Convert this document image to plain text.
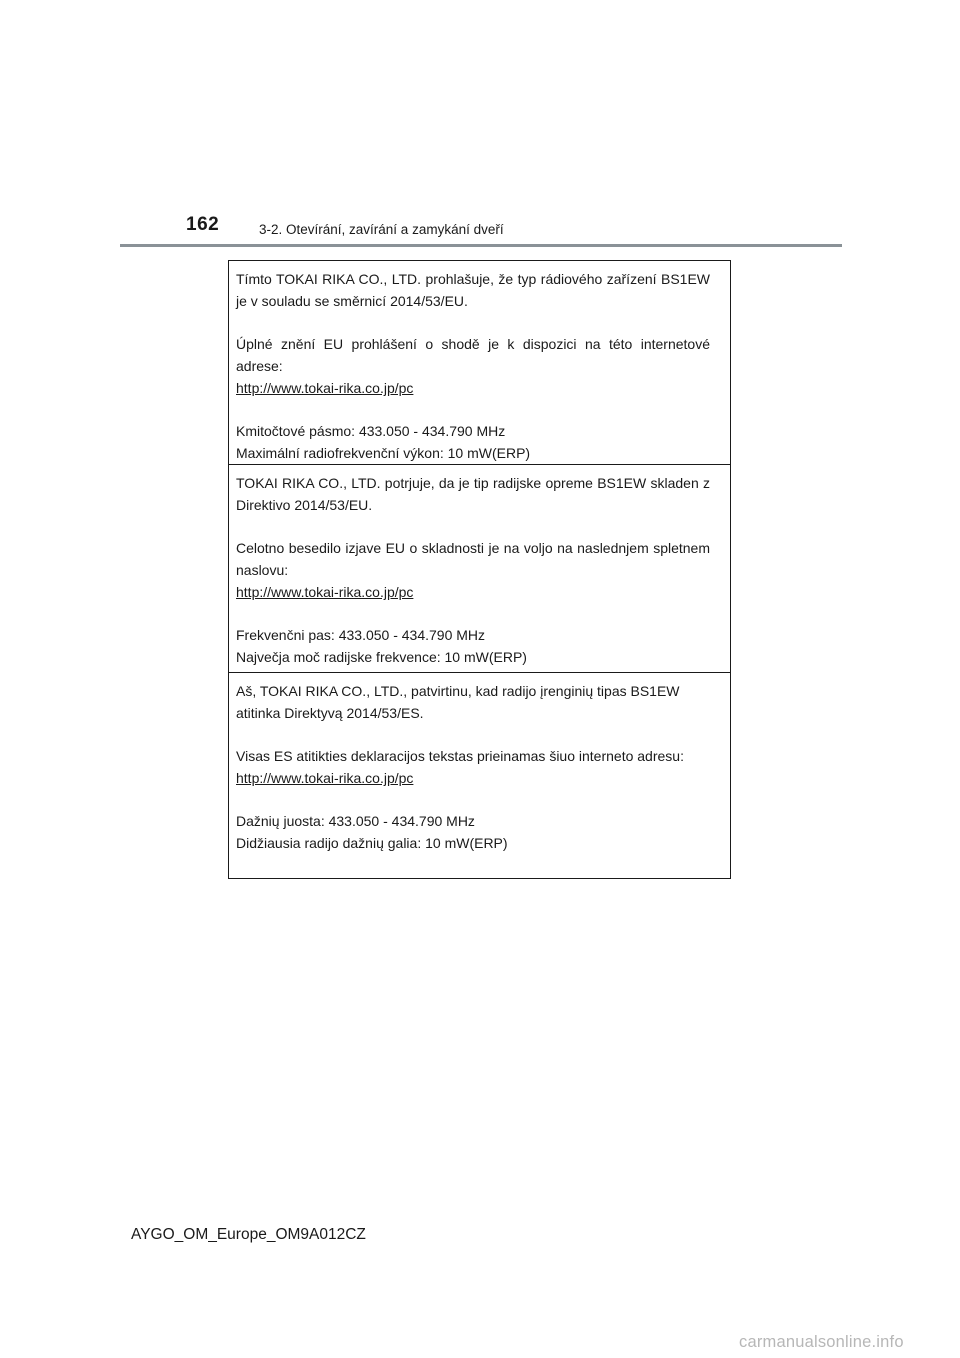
162	3-2. Otevírání, zavírání a zamykání dveří

Tímto TOKAI RIKA CO., LTD. prohlašuje, že typ rádiového zařízení BS1EW je v souladu se směrnicí 2014/53/EU.

Úplné znění EU prohlášení o shodě je k dispozici na této internetové adrese:
http://www.tokai-rika.co.jp/pc

Kmitočtové pásmo: 433.050 - 434.790 MHz
Maximální radiofrekvenční výkon: 10 mW(ERP)

TOKAI RIKA CO., LTD. potrjuje, da je tip radijske opreme BS1EW skladen z Direktivo 2014/53/EU.

Celotno besedilo izjave EU o skladnosti je na voljo na naslednjem spletnem naslovu:
http://www.tokai-rika.co.jp/pc

Frekvenčni pas: 433.050 - 434.790 MHz
Največja moč radijske frekvence: 10 mW(ERP)

Aš, TOKAI RIKA CO., LTD., patvirtinu, kad radijo įrenginių tipas BS1EW atitinka Direktyvą 2014/53/ES.

Visas ES atitikties deklaracijos tekstas prieinamas šiuo interneto adresu:
http://www.tokai-rika.co.jp/pc

Dažnių juosta: 433.050 - 434.790 MHz
Didžiausia radijo dažnių galia: 10 mW(ERP)

AYGO_OM_Europe_OM9A012CZ
carmanualsonline.info
